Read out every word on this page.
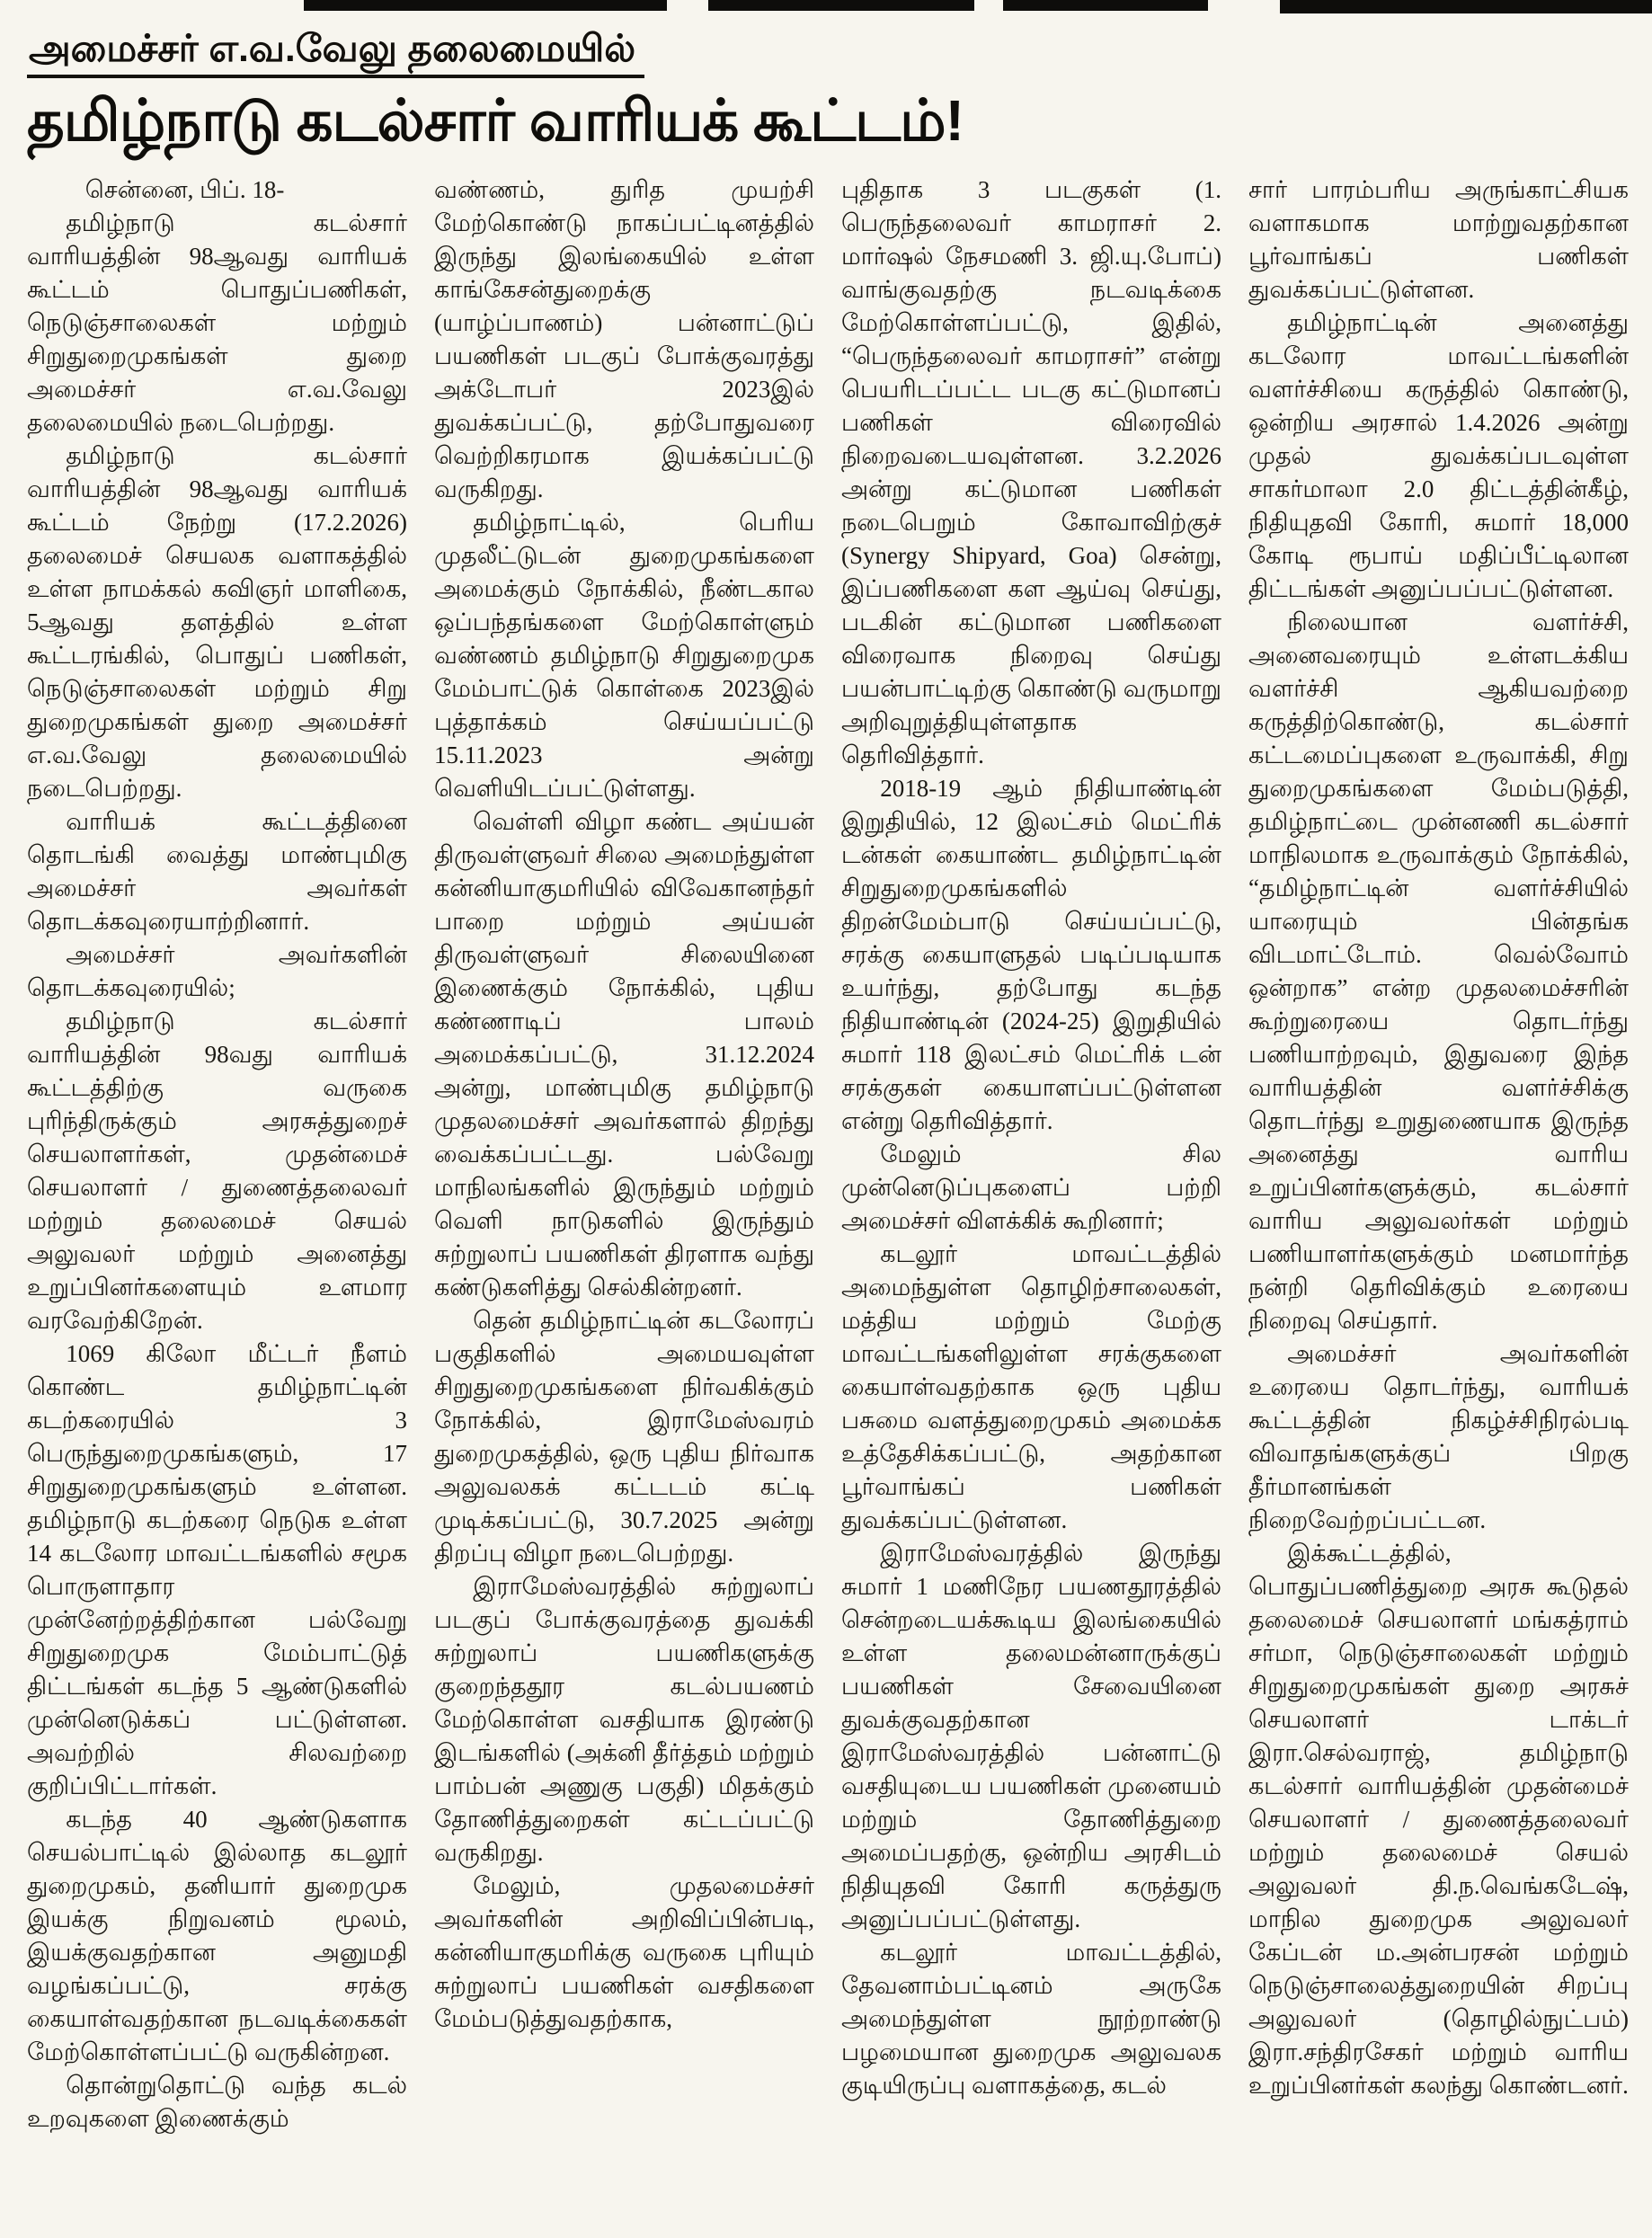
அமைச்சர் எ.வ.வேலு தலைமையில்
தமிழ்நாடு கடல்சார் வாரியக் கூட்டம்!

சென்னை, பிப். 18-

தமிழ்நாடு கடல்சார் வாரியத்தின் 98ஆவது வாரியக் கூட்டம் பொதுப்பணிகள், நெடுஞ்சாலைகள் மற்றும் சிறுதுறைமுகங்கள் துறை அமைச்சர் எ.வ.வேலு தலைமையில் நடைபெற்றது.

தமிழ்நாடு கடல்சார் வாரியத்தின் 98ஆவது வாரியக் கூட்டம் நேற்று (17.2.2026) தலைமைச் செயலக வளாகத்தில் உள்ள நாமக்கல் கவிஞர் மாளிகை, 5ஆவது தளத்தில் உள்ள கூட்டரங்கில், பொதுப் பணிகள், நெடுஞ்சாலைகள் மற்றும் சிறு துறைமுகங்கள் துறை அமைச்சர் எ.வ.வேலு தலைமையில் நடைபெற்றது.

வாரியக் கூட்டத்தினை தொடங்கி வைத்து மாண்புமிகு அமைச்சர் அவர்கள் தொடக்கவுரையாற்றினார்.

அமைச்சர் அவர்களின் தொடக்கவுரையில்;

தமிழ்நாடு கடல்சார் வாரியத்தின் 98வது வாரியக் கூட்டத்திற்கு வருகை புரிந்திருக்கும் அரசுத்துறைச் செயலாளர்கள், முதன்மைச் செயலாளர் / துணைத்தலைவர் மற்றும் தலைமைச் செயல் அலுவலர் மற்றும் அனைத்து உறுப்பினர்களையும் உளமார வரவேற்கிறேன்.

1069 கிலோ மீட்டர் நீளம் கொண்ட தமிழ்நாட்டின் கடற்கரையில் 3 பெருந்துறைமுகங்களும், 17 சிறுதுறைமுகங்களும் உள்ளன. தமிழ்நாடு கடற்கரை நெடுக உள்ள 14 கடலோர மாவட்டங்களில் சமூக பொருளாதார முன்னேற்றத்திற்கான பல்வேறு சிறுதுறைமுக மேம்பாட்டுத் திட்டங்கள் கடந்த 5 ஆண்டுகளில் முன்னெடுக்கப் பட்டுள்ளன. அவற்றில் சிலவற்றை குறிப்பிட்டார்கள்.

கடந்த 40 ஆண்டுகளாக செயல்பாட்டில் இல்லாத கடலூர் துறைமுகம், தனியார் துறைமுக இயக்கு நிறுவனம் மூலம், இயக்குவதற்கான அனுமதி வழங்கப்பட்டு, சரக்கு கையாள்வதற்கான நடவடிக்கைகள் மேற்கொள்ளப்பட்டு வருகின்றன.

தொன்றுதொட்டு வந்த கடல் உறவுகளை இணைக்கும்

வண்ணம், துரித முயற்சி மேற்கொண்டு நாகப்பட்டினத்தில் இருந்து இலங்கையில் உள்ள காங்கேசன்துறைக்கு (யாழ்ப்பாணம்) பன்னாட்டுப் பயணிகள் படகுப் போக்குவரத்து அக்டோபர் 2023இல் துவக்கப்பட்டு, தற்போதுவரை வெற்றிகரமாக இயக்கப்பட்டு வருகிறது.

தமிழ்நாட்டில், பெரிய முதலீட்டுடன் துறைமுகங்களை அமைக்கும் நோக்கில், நீண்டகால ஒப்பந்தங்களை மேற்கொள்ளும் வண்ணம் தமிழ்நாடு சிறுதுறைமுக மேம்பாட்டுக் கொள்கை 2023இல் புத்தாக்கம் செய்யப்பட்டு 15.11.2023 அன்று வெளியிடப்பட்டுள்ளது.

வெள்ளி விழா கண்ட அய்யன் திருவள்ளுவர் சிலை அமைந்துள்ள கன்னியாகுமரியில் விவேகானந்தர் பாறை மற்றும் அய்யன் திருவள்ளுவர் சிலையினை இணைக்கும் நோக்கில், புதிய கண்ணாடிப் பாலம் அமைக்கப்பட்டு, 31.12.2024 அன்று, மாண்புமிகு தமிழ்நாடு முதலமைச்சர் அவர்களால் திறந்து வைக்கப்பட்டது. பல்வேறு மாநிலங்களில் இருந்தும் மற்றும் வெளி நாடுகளில் இருந்தும் சுற்றுலாப் பயணிகள் திரளாக வந்து கண்டுகளித்து செல்கின்றனர்.

தென் தமிழ்நாட்டின் கடலோரப் பகுதிகளில் அமையவுள்ள சிறுதுறைமுகங்களை நிர்வகிக்கும் நோக்கில், இராமேஸ்வரம் துறைமுகத்தில், ஒரு புதிய நிர்வாக அலுவலகக் கட்டடம் கட்டி முடிக்கப்பட்டு, 30.7.2025 அன்று திறப்பு விழா நடைபெற்றது.

இராமேஸ்வரத்தில் சுற்றுலாப் படகுப் போக்குவரத்தை துவக்கி சுற்றுலாப் பயணிகளுக்கு குறைந்ததூர கடல்பயணம் மேற்கொள்ள வசதியாக இரண்டு இடங்களில் (அக்னி தீர்த்தம் மற்றும் பாம்பன் அணுகு பகுதி) மிதக்கும் தோணித்துறைகள் கட்டப்பட்டு வருகிறது.

மேலும், முதலமைச்சர் அவர்களின் அறிவிப்பின்படி, கன்னியாகுமரிக்கு வருகை புரியும் சுற்றுலாப் பயணிகள் வசதிகளை மேம்படுத்துவதற்காக,

புதிதாக 3 படகுகள் (1. பெருந்தலைவர் காமராசர் 2. மார்ஷல் நேசமணி 3. ஜி.யு.போப்) வாங்குவதற்கு நடவடிக்கை மேற்கொள்ளப்பட்டு, இதில், “பெருந்தலைவர் காமராசர்” என்று பெயரிடப்பட்ட படகு கட்டுமானப் பணிகள் விரைவில் நிறைவடையவுள்ளன. 3.2.2026 அன்று கட்டுமான பணிகள் நடைபெறும் கோவாவிற்குச் (Synergy Shipyard, Goa) சென்று, இப்பணிகளை கள ஆய்வு செய்து, படகின் கட்டுமான பணிகளை விரைவாக நிறைவு செய்து பயன்பாட்டிற்கு கொண்டு வருமாறு அறிவுறுத்தியுள்ளதாக தெரிவித்தார்.

2018-19 ஆம் நிதியாண்டின் இறுதியில், 12 இலட்சம் மெட்ரிக் டன்கள் கையாண்ட தமிழ்நாட்டின் சிறுதுறைமுகங்களில் திறன்மேம்பாடு செய்யப்பட்டு, சரக்கு கையாளுதல் படிப்படியாக உயர்ந்து, தற்போது கடந்த நிதியாண்டின் (2024-25) இறுதியில் சுமார் 118 இலட்சம் மெட்ரிக் டன் சரக்குகள் கையாளப்பட்டுள்ளன என்று தெரிவித்தார்.

மேலும் சில முன்னெடுப்புகளைப் பற்றி அமைச்சர் விளக்கிக் கூறினார்;

கடலூர் மாவட்டத்தில் அமைந்துள்ள தொழிற்சாலைகள், மத்திய மற்றும் மேற்கு மாவட்டங்களிலுள்ள சரக்குகளை கையாள்வதற்காக ஒரு புதிய பசுமை வளத்துறைமுகம் அமைக்க உத்தேசிக்கப்பட்டு, அதற்கான பூர்வாங்கப் பணிகள் துவக்கப்பட்டுள்ளன.

இராமேஸ்வரத்தில் இருந்து சுமார் 1 மணிநேர பயணதூரத்தில் சென்றடையக்கூடிய இலங்கையில் உள்ள தலைமன்னாருக்குப் பயணிகள் சேவையினை துவக்குவதற்கான இராமேஸ்வரத்தில் பன்னாட்டு வசதியுடைய பயணிகள் முனையம் மற்றும் தோணித்துறை அமைப்பதற்கு, ஒன்றிய அரசிடம் நிதியுதவி கோரி கருத்துரு அனுப்பப்பட்டுள்ளது.

கடலூர் மாவட்டத்தில், தேவனாம்பட்டினம் அருகே அமைந்துள்ள நூற்றாண்டு பழமையான துறைமுக அலுவலக குடியிருப்பு வளாகத்தை, கடல்

சார் பாரம்பரிய அருங்காட்சியக வளாகமாக மாற்றுவதற்கான பூர்வாங்கப் பணிகள் துவக்கப்பட்டுள்ளன.

தமிழ்நாட்டின் அனைத்து கடலோர மாவட்டங்களின் வளர்ச்சியை கருத்தில் கொண்டு, ஒன்றிய அரசால் 1.4.2026 அன்று முதல் துவக்கப்படவுள்ள சாகர்மாலா 2.0 திட்டத்தின்கீழ், நிதியுதவி கோரி, சுமார் 18,000 கோடி ரூபாய் மதிப்பீட்டிலான திட்டங்கள் அனுப்பப்பட்டுள்ளன.

நிலையான வளர்ச்சி, அனைவரையும் உள்ளடக்கிய வளர்ச்சி ஆகியவற்றை கருத்திற்கொண்டு, கடல்சார் கட்டமைப்புகளை உருவாக்கி, சிறு துறைமுகங்களை மேம்படுத்தி, தமிழ்நாட்டை முன்னணி கடல்சார் மாநிலமாக உருவாக்கும் நோக்கில், “தமிழ்நாட்டின் வளர்ச்சியில் யாரையும் பின்தங்க விடமாட்டோம். வெல்வோம் ஒன்றாக” என்ற முதலமைச்சரின் கூற்றுரையை தொடர்ந்து பணியாற்றவும், இதுவரை இந்த வாரியத்தின் வளர்ச்சிக்கு தொடர்ந்து உறுதுணையாக இருந்த அனைத்து வாரிய உறுப்பினர்களுக்கும், கடல்சார் வாரிய அலுவலர்கள் மற்றும் பணியாளர்களுக்கும் மனமார்ந்த நன்றி தெரிவிக்கும் உரையை நிறைவு செய்தார்.

அமைச்சர் அவர்களின் உரையை தொடர்ந்து, வாரியக் கூட்டத்தின் நிகழ்ச்சிநிரல்படி விவாதங்களுக்குப் பிறகு தீர்மானங்கள் நிறைவேற்றப்பட்டன.

இக்கூட்டத்தில், பொதுப்பணித்துறை அரசு கூடுதல் தலைமைச் செயலாளர் மங்கத்ராம் சர்மா, நெடுஞ்சாலைகள் மற்றும் சிறுதுறைமுகங்கள் துறை அரசுச் செயலாளர் டாக்டர் இரா.செல்வராஜ், தமிழ்நாடு கடல்சார் வாரியத்தின் முதன்மைச் செயலாளர் / துணைத்தலைவர் மற்றும் தலைமைச் செயல் அலுவலர் தி.ந.வெங்கடேஷ், மாநில துறைமுக அலுவலர் கேப்டன் ம.அன்பரசன் மற்றும் நெடுஞ்சாலைத்துறையின் சிறப்பு அலுவலர் (தொழில்நுட்பம்) இரா.சந்திரசேகர் மற்றும் வாரிய உறுப்பினர்கள் கலந்து கொண்டனர்.
